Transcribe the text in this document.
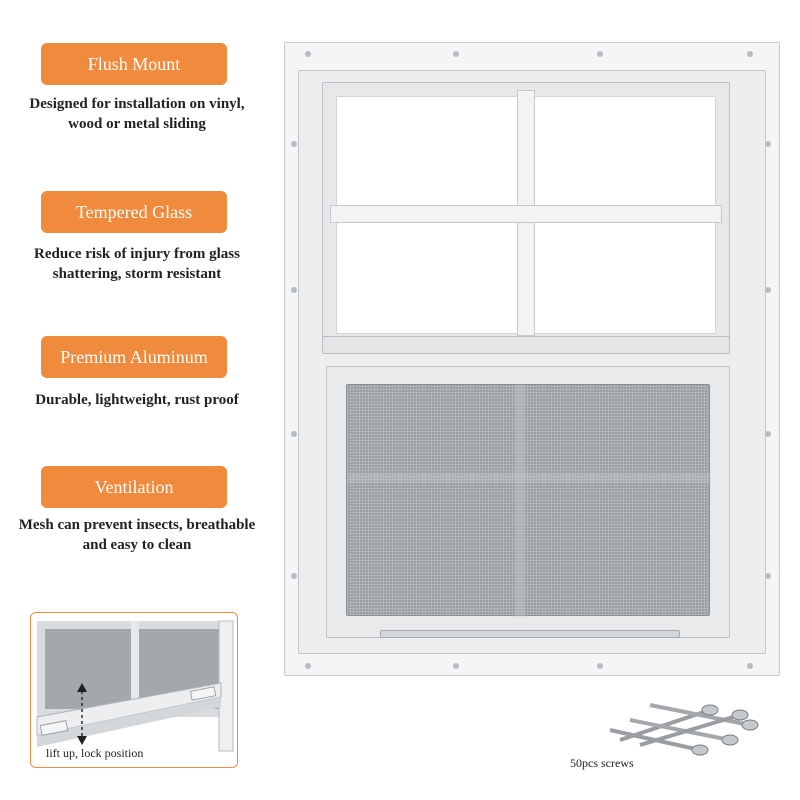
Flush Mount
Designed for installation on vinyl, wood or metal sliding
Tempered Glass
Reduce risk of injury from glass shattering, storm resistant
Premium Aluminum
Durable, lightweight, rust proof
Ventilation
Mesh can prevent insects, breathable and easy to clean
lift up, lock position
50pcs screws
